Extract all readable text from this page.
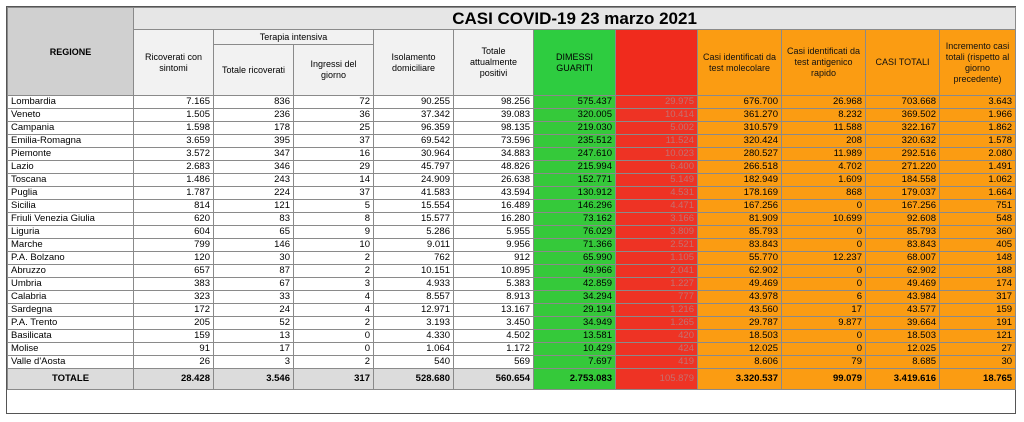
REGIONE	CASI COVID-19 23 marzo 2021										
	Ricoverati con sintomi	Terapia intensiva		Isolamento domiciliare	Totale attualmente positivi	DIMESSI GUARITI		Casi identificati da test molecolare	Casi identificati da test antigenico rapido	CASI TOTALI	Incremento casi totali (rispetto al giorno precedente)
		Totale ricoverati	Ingressi del giorno								
Lombardia	7.165	836	72	90.255	98.256	575.437	29.975	676.700	26.968	703.668	3.643
Veneto	1.505	236	36	37.342	39.083	320.005	10.414	361.270	8.232	369.502	1.966
Campania	1.598	178	25	96.359	98.135	219.030	5.002	310.579	11.588	322.167	1.862
Emilia-Romagna	3.659	395	37	69.542	73.596	235.512	11.524	320.424	208	320.632	1.578
Piemonte	3.572	347	16	30.964	34.883	247.610	10.023	280.527	11.989	292.516	2.080
Lazio	2.683	346	29	45.797	48.826	215.994	6.400	266.518	4.702	271.220	1.491
Toscana	1.486	243	14	24.909	26.638	152.771	5.149	182.949	1.609	184.558	1.062
Puglia	1.787	224	37	41.583	43.594	130.912	4.531	178.169	868	179.037	1.664
Sicilia	814	121	5	15.554	16.489	146.296	4.471	167.256	0	167.256	751
Friuli Venezia Giulia	620	83	8	15.577	16.280	73.162	3.166	81.909	10.699	92.608	548
Liguria	604	65	9	5.286	5.955	76.029	3.809	85.793	0	85.793	360
Marche	799	146	10	9.011	9.956	71.366	2.521	83.843	0	83.843	405
P.A. Bolzano	120	30	2	762	912	65.990	1.105	55.770	12.237	68.007	148
Abruzzo	657	87	2	10.151	10.895	49.966	2.041	62.902	0	62.902	188
Umbria	383	67	3	4.933	5.383	42.859	1.227	49.469	0	49.469	174
Calabria	323	33	4	8.557	8.913	34.294	777	43.978	6	43.984	317
Sardegna	172	24	4	12.971	13.167	29.194	1.216	43.560	17	43.577	159
P.A. Trento	205	52	2	3.193	3.450	34.949	1.265	29.787	9.877	39.664	191
Basilicata	159	13	0	4.330	4.502	13.581	420	18.503	0	18.503	121
Molise	91	17	0	1.064	1.172	10.429	424	12.025	0	12.025	27
Valle d'Aosta	26	3	2	540	569	7.697	419	8.606	79	8.685	30
TOTALE	28.428	3.546	317	528.680	560.654	2.753.083	105.879	3.320.537	99.079	3.419.616	18.765
